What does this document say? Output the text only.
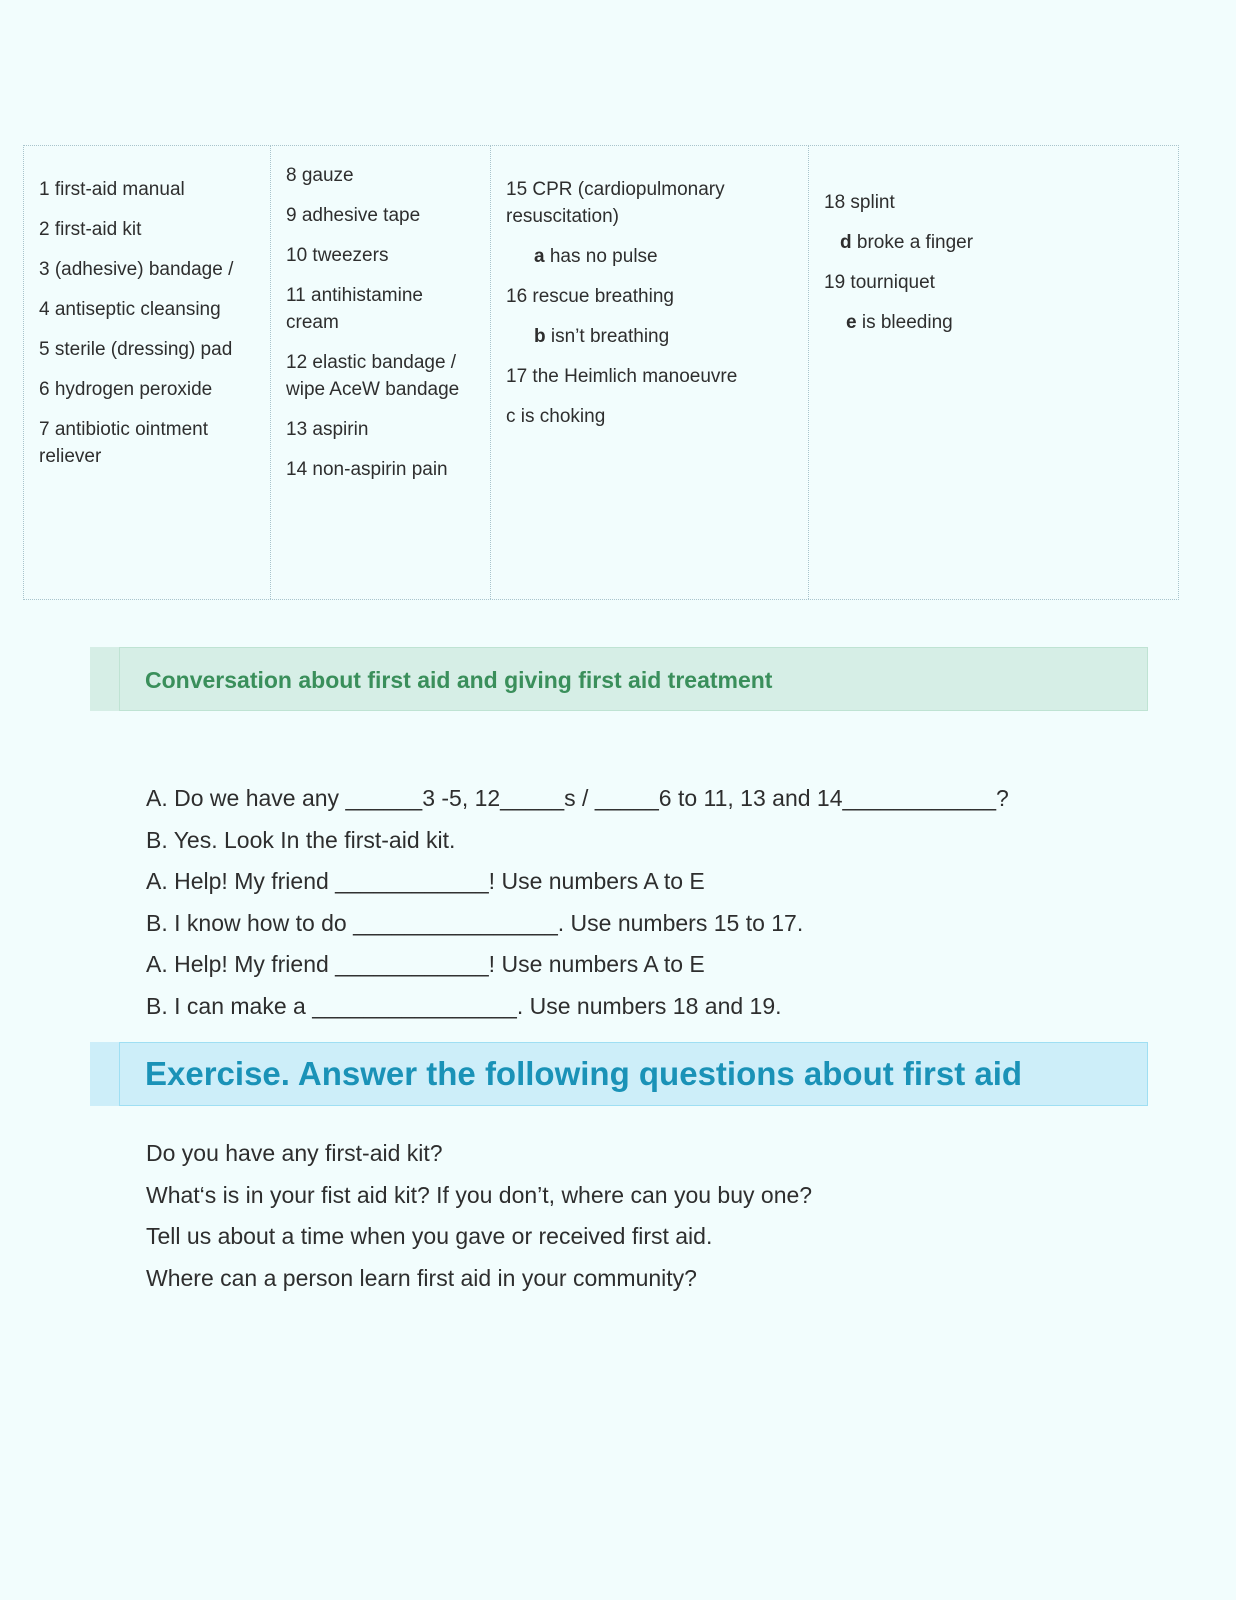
1 first-aid manual

2 first-aid kit

3 (adhesive) bandage /

4 antiseptic cleansing

5 sterile (dressing) pad

6 hydrogen peroxide

7 antibiotic ointment reliever

8 gauze

9 adhesive tape

10 tweezers

11 antihistamine cream

12 elastic bandage / wipe AceW bandage

13 aspirin

14 non-aspirin pain

15 CPR (cardiopulmonary  resuscitation)

a has no pulse

16 rescue breathing

b isn’t breathing

17 the Heimlich manoeuvre

c is choking

18 splint

d broke a finger

19 tourniquet

e is bleeding

Conversation about first aid and giving first aid treatment

A. Do we have any ______3 -5, 12_____s / _____6 to 11, 13 and 14____________?

B. Yes. Look In the first-aid kit.

A. Help! My friend ____________! Use numbers A to E

B. I know how to do ________________. Use numbers 15 to 17.

A. Help! My friend ____________! Use numbers A to E

B. I can make a ________________. Use numbers 18 and 19.

Exercise. Answer the following questions about first aid

Do you have any first-aid kit?

What‘s is in your fist aid kit? If you don’t, where can you buy one?

Tell us about a time when you gave or received first aid.

Where can a person learn first aid in your community?
